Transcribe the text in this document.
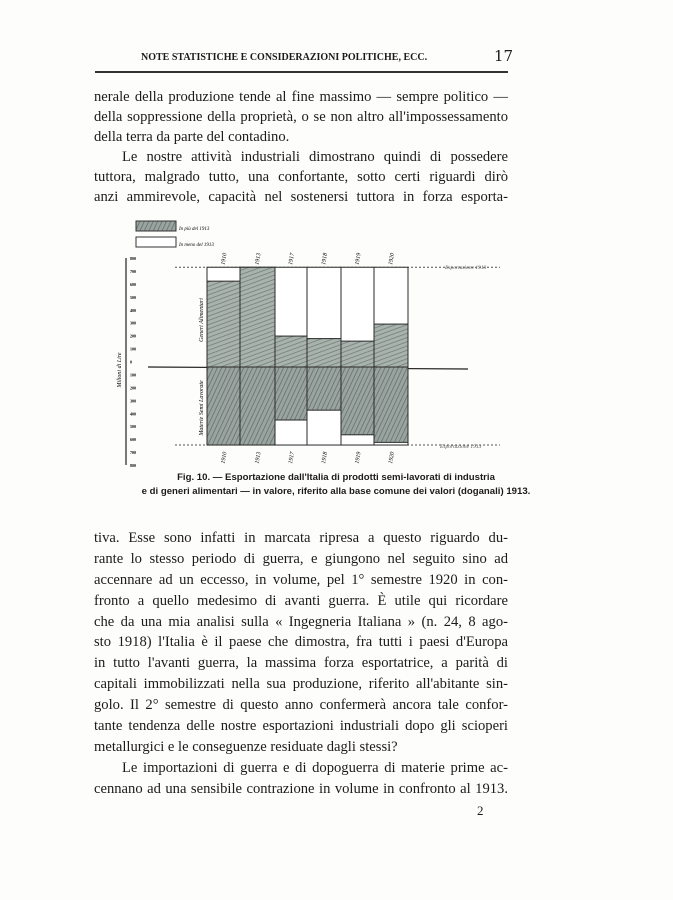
NOTE STATISTICHE E CONSIDERAZIONI POLITICHE, ECC.	17
nerale della produzione tende al fine massimo — sempre politico —
della soppressione della proprietà, o se non altro all'impossessamento
della terra da parte del contadino.
Le nostre attività industriali dimostrano quindi di possedere
tuttora, malgrado tutto, una confortante, sotto certi riguardi dirò
anzi ammirevole, capacità nel sostenersi tuttora in forza esporta-
In più del 1913
In meno del 1913
800
700
600
500
400
300
200
100
0
100
200
300
400
500
600
700
800
1910
1910
1913
1913
1917
1917
1918
1918
1919
1919
1920
1920
Milioni di Lire
Generi Alimentari
Materie Semi Lavorate
Esportazione 1913
Esportazione 1913
Fig. 10. — Esportazione dall'Italia di prodotti semi-lavorati di industria
e di generi alimentari — in valore, riferito alla base comune dei valori (doganali) 1913.
tiva. Esse sono infatti in marcata ripresa a questo riguardo du-
rante lo stesso periodo di guerra, e giungono nel seguito sino ad
accennare ad un eccesso, in volume, pel 1° semestre 1920 in con-
fronto a quello medesimo di avanti guerra. È utile qui ricordare
che da una mia analisi sulla « Ingegneria Italiana » (n. 24, 8 ago-
sto 1918) l'Italia è il paese che dimostra, fra tutti i paesi d'Europa
in tutto l'avanti guerra, la massima forza esportatrice, a parità di
capitali immobilizzati nella sua produzione, riferito all'abitante sin-
golo. Il 2° semestre di questo anno confermerà ancora tale confor-
tante tendenza delle nostre esportazioni industriali dopo gli scioperi
metallurgici e le conseguenze residuate dagli stessi?
Le importazioni di guerra e di dopoguerra di materie prime ac-
cennano ad una sensibile contrazione in volume in confronto al 1913.
2
